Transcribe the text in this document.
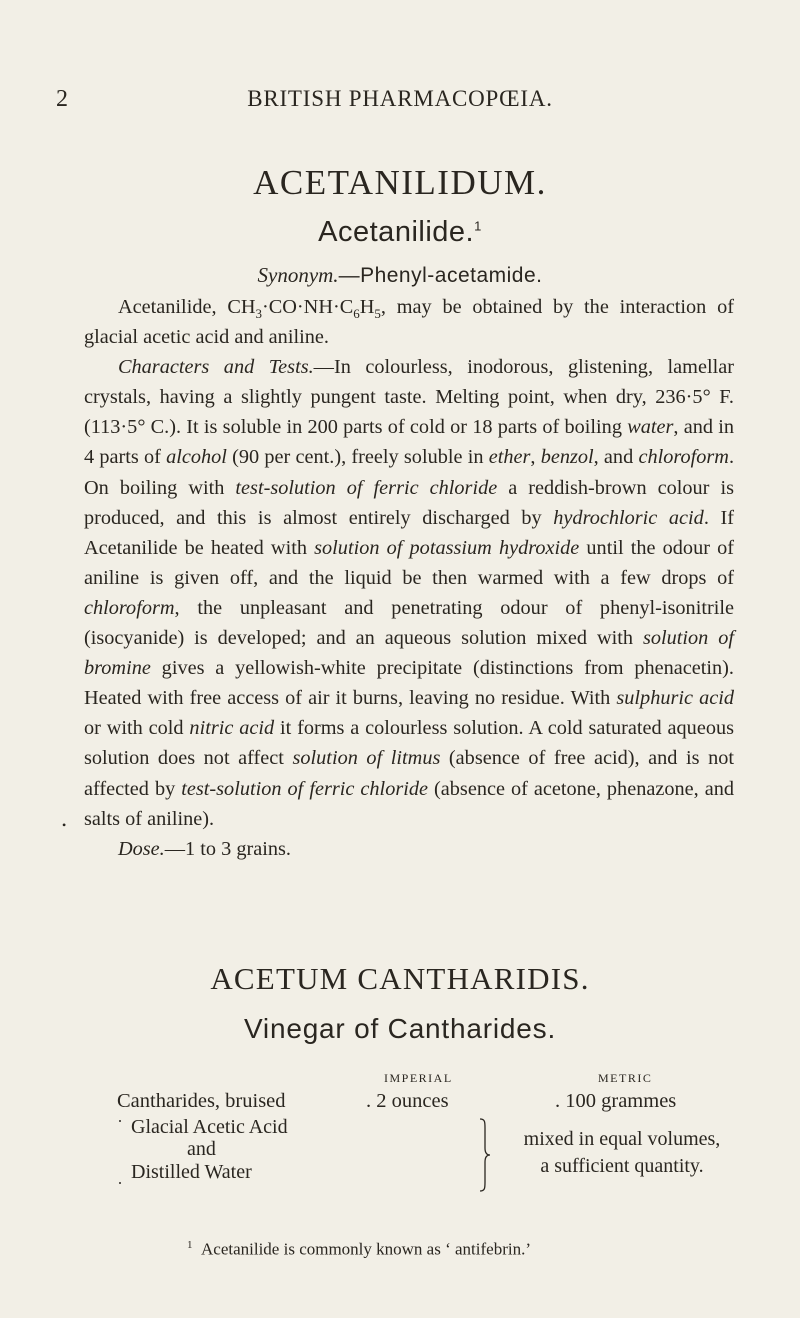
2	BRITISH PHARMACOPŒIA.
ACETANILIDUM.
Acetanilide.$^1$
Synonym.—Phenyl-acetamide.

Acetanilide, $CH_3\cdot CO\cdot NH\cdot C_6H_5$, may be obtained by the interaction of glacial acetic acid and aniline.

Characters and Tests.—In colourless, inodorous, glistening, lamellar crystals, having a slightly pungent taste. Melting point, when dry, 236·5° F. (113·5° C.). It is soluble in 200 parts of cold or 18 parts of boiling water, and in 4 parts of alcohol (90 per cent.), freely soluble in ether, benzol, and chloroform. On boiling with test-solution of ferric chloride a reddish-brown colour is produced, and this is almost entirely discharged by hydrochloric acid. If Acetanilide be heated with solution of potassium hydroxide until the odour of aniline is given off, and the liquid be then warmed with a few drops of chloroform, the unpleasant and penetrating odour of phenyl-isonitrile (isocyanide) is developed; and an aqueous solution mixed with solution of bromine gives a yellowish-white precipitate (distinctions from phenacetin). Heated with free access of air it burns, leaving no residue. With sulphuric acid or with cold nitric acid it forms a colourless solution. A cold saturated aqueous solution does not affect solution of litmus (absence of free acid), and is not affected by test-solution of ferric chloride (absence of acetone, phenazone, and salts of aniline).

Dose.—1 to 3 grains.

•
ACETUM CANTHARIDIS.
Vinegar of Cantharides.
IMPERIAL	METRIC
Cantharides, bruised	. 2 ounces	. 100 grammes
Glacial Acetic Acid
and
Distilled Water
mixed in equal volumes,
a sufficient quantity.
$^1$ Acetanilide is commonly known as ‘ antifebrin.’
